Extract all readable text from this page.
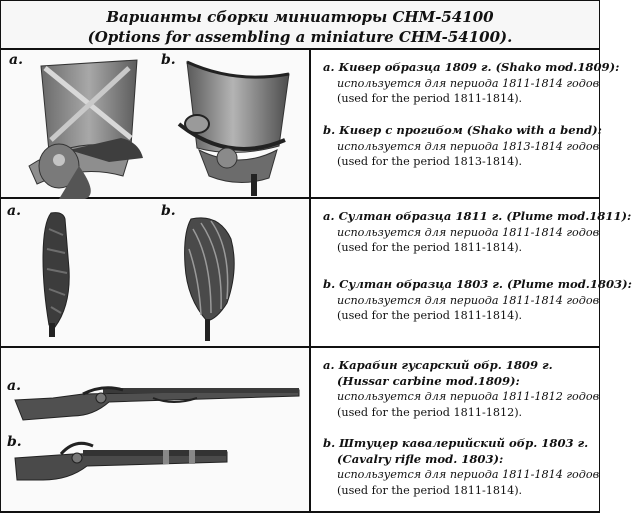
Варианты сборки миниатюры СНМ-54100
(Options for assembling a miniature CHM-54100).
a.	b.	a. Кивер образца 1809 г. (Shako mod.1809):
используется для периода 1811-1814 годов
(used for the period 1811-1814).
b. Кивер с прогибом (Shako with a bend):
используется для периода 1813-1814 годов
(used for the period 1813-1814).
a.	b.	a. Султан образца 1811 г. (Plume mod.1811):
используется для периода 1811-1814 годов
(used for the period 1811-1814).
b. Султан образца 1803 г. (Plume mod.1803):
используется для периода 1811-1814 годов
(used for the period 1811-1814).
a.
b.
a. Карабин гусарский обр. 1809 г.
(Hussar carbine mod.1809):
используется для периода 1811-1812 годов
(used for the period 1811-1812).
b. Штуцер кавалерийский обр. 1803 г.
(Cavalry rifle mod. 1803):
используется для периода 1811-1814 годов
(used for the period 1811-1814).
